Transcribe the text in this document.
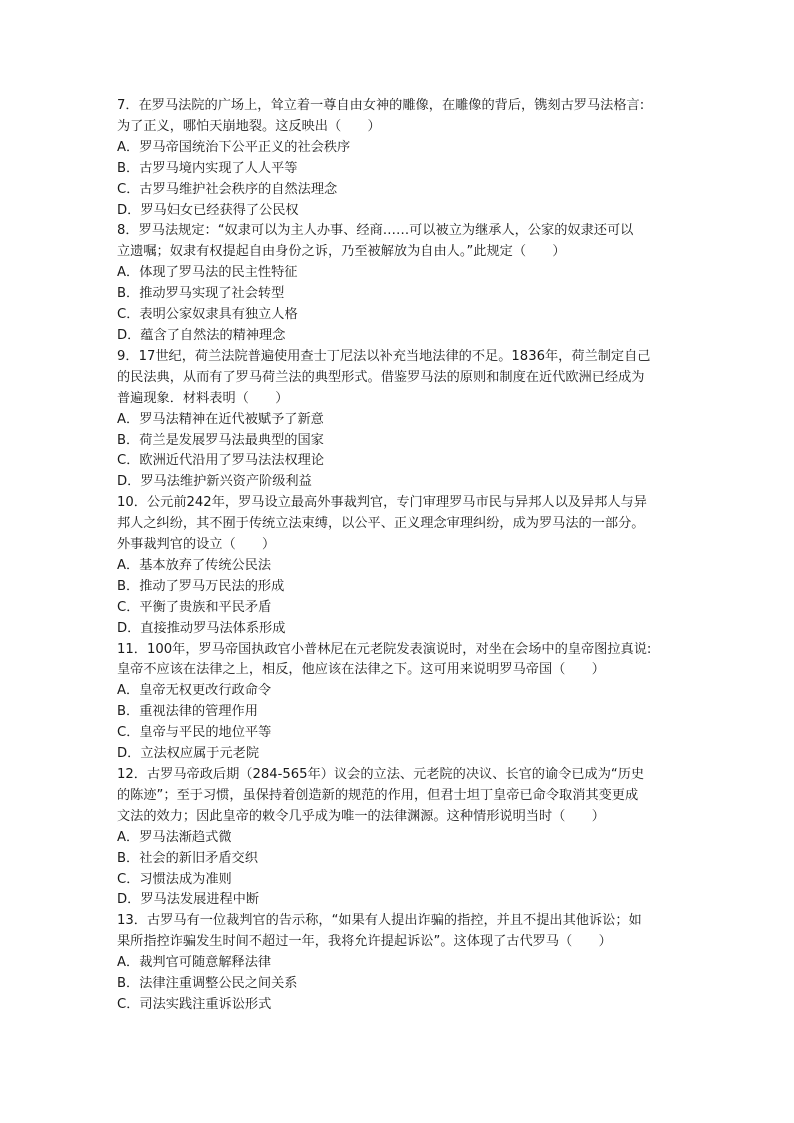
7．在罗马法院的广场上，耸立着一尊自由女神的雕像，在雕像的背后，镌刻古罗马法格言:
为了正义，哪怕天崩地裂。这反映出（　　）
A．罗马帝国统治下公平正义的社会秩序
B．古罗马境内实现了人人平等
C．古罗马维护社会秩序的自然法理念
D．罗马妇女已经获得了公民权
8．罗马法规定：“奴隶可以为主人办事、经商……可以被立为继承人，公家的奴隶还可以
立遗嘱；奴隶有权提起自由身份之诉，乃至被解放为自由人。”此规定（　　）
A．体现了罗马法的民主性特征
B．推动罗马实现了社会转型
C．表明公家奴隶具有独立人格
D．蕴含了自然法的精神理念
9．17世纪，荷兰法院普遍使用查士丁尼法以补充当地法律的不足。1836年，荷兰制定自己
的民法典，从而有了罗马荷兰法的典型形式。借鉴罗马法的原则和制度在近代欧洲已经成为
普遍现象．材料表明（　　）
A．罗马法精神在近代被赋予了新意
B．荷兰是发展罗马法最典型的国家
C．欧洲近代沿用了罗马法法权理论
D．罗马法维护新兴资产阶级利益
10．公元前242年，罗马设立最高外事裁判官，专门审理罗马市民与异邦人以及异邦人与异
邦人之纠纷，其不囿于传统立法束缚，以公平、正义理念审理纠纷，成为罗马法的一部分。
外事裁判官的设立（　　）
A．基本放弃了传统公民法
B．推动了罗马万民法的形成
C．平衡了贵族和平民矛盾
D．直接推动罗马法体系形成
11．100年，罗马帝国执政官小普林尼在元老院发表演说时，对坐在会场中的皇帝图拉真说:
皇帝不应该在法律之上，相反，他应该在法律之下。这可用来说明罗马帝国（　　）
A．皇帝无权更改行政命令
B．重视法律的管理作用
C．皇帝与平民的地位平等
D．立法权应属于元老院
12．古罗马帝政后期（284-565年）议会的立法、元老院的决议、长官的谕令已成为“历史
的陈迹”；至于习惯，虽保持着创造新的规范的作用，但君士坦丁皇帝已命令取消其变更成
文法的效力；因此皇帝的敕令几乎成为唯一的法律渊源。这种情形说明当时（　　）
A．罗马法渐趋式微
B．社会的新旧矛盾交织
C．习惯法成为准则
D．罗马法发展进程中断
13．古罗马有一位裁判官的告示称，“如果有人提出诈骗的指控，并且不提出其他诉讼；如
果所指控诈骗发生时间不超过一年，我将允许提起诉讼”。这体现了古代罗马（　　）
A．裁判官可随意解释法律
B．法律注重调整公民之间关系
C．司法实践注重诉讼形式
